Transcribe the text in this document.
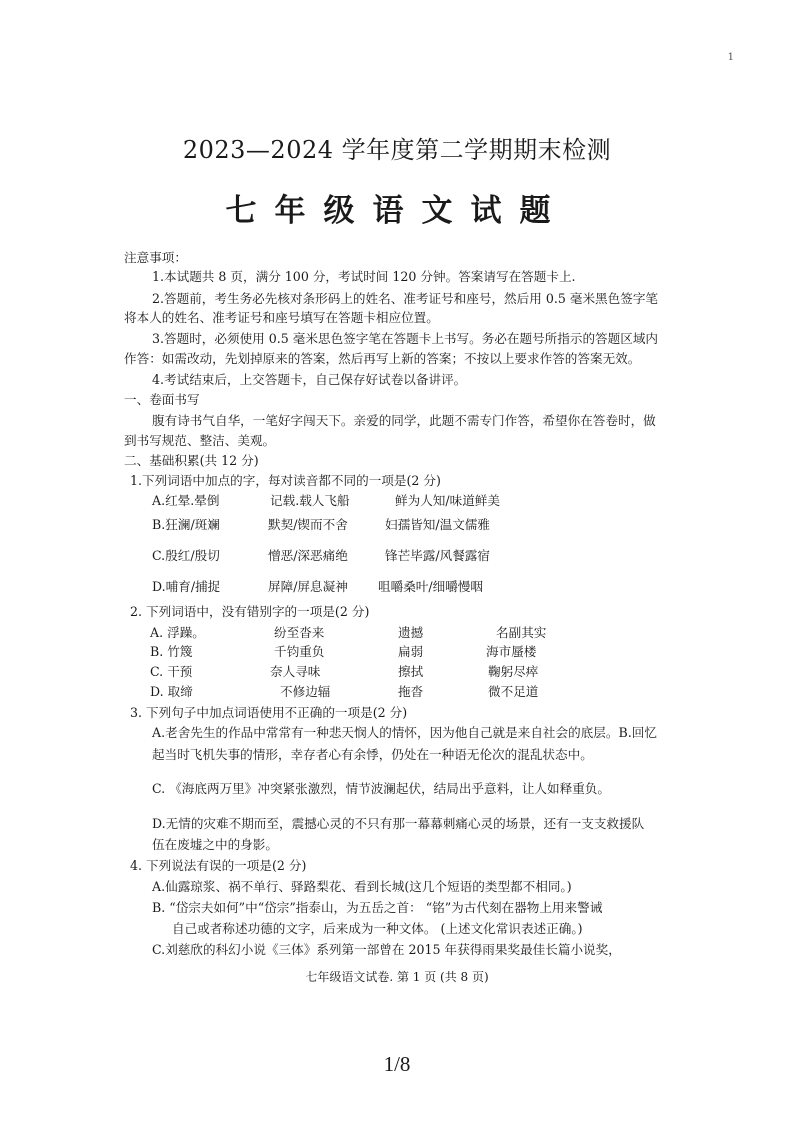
1
2023—2024 学年度第二学期期末检测
七年级语文试题
注意事项：
1.本试题共 8 页，满分 100 分，考试时间 120 分钟。答案请写在答题卡上.
2.答题前，考生务必先核对条形码上的姓名、准考证号和座号，然后用 0.5 毫米黑色签字笔
将本人的姓名、准考证号和座号填写在答题卡相应位置。
3.答题时，必须使用 0.5 毫米思色签字笔在答题卡上书写。务必在题号所指示的答题区域内
作答：如需改动，先划掉原来的答案，然后再写上新的答案；不按以上要求作答的答案无效。
4.考试结束后，上交答题卡，自己保存好试卷以备讲评。
一、卷面书写
腹有诗书气自华，一笔好字闯天下。亲爱的同学，此题不需专门作答，希望你在答卷时，做
到书写规范、整洁、美观。
二、基础积累(共 12 分)
1.下列词语中加点的字，每对读音都不同的一项是(2 分)
A.红晕.晕倒	记载.载人飞船	鲜为人知/味道鲜美
B.狂澜/斑斓	默契/锲而不舍	妇孺皆知/温文儒雅
C.殷红/殷切	憎恶/深恶痛绝	锋芒毕露/风餐露宿
D.哺育/捕捉	屏障/屏息凝神 咀嚼桑叶/细嚼慢咽
2. 下列词语中，没有错别字的一项是(2 分)
A. 浮躁。	纷至沓来	遗撼	名副其实
B. 竹篾	千钧重负	扁弱	海市蜃楼
C. 干预	奈人寻味	擦拭	鞠躬尽瘁
D. 取缔	不修边辐	拖沓	微不足道
3. 下列句子中加点词语使用不正确的一项是(2 分)
A.老舍先生的作品中常常有一种悲天悯人的情怀，因为他自己就是来自社会的底层。B.回忆
起当时飞机失事的情形，幸存者心有余悸，仍处在一种语无伦次的混乱状态中。
C. 《海底两万里》冲突紧张激烈，情节波澜起伏，结局出乎意料，让人如释重负。
D.无情的灾难不期而至，震撼心灵的不只有那一幕幕刺痛心灵的场景，还有一支支救援队
伍在废墟之中的身影。
4. 下列说法有误的一项是(2 分)
A.仙露琼浆、祸不单行、驿路梨花、看到长城(这几个短语的类型都不相同。)
B. “岱宗夫如何”中“岱宗”指泰山，为五岳之首： “铭”为古代刻在器物上用来警诫
自己或者称述功德的文字，后来成为一种文体。 (上述文化常识表述正确。)
C.刘慈欣的科幻小说《三体》系列第一部曾在 2015 年获得雨果奖最佳长篇小说奖，
七年级语文试卷. 第 1 页 (共 8 页)
1/8
